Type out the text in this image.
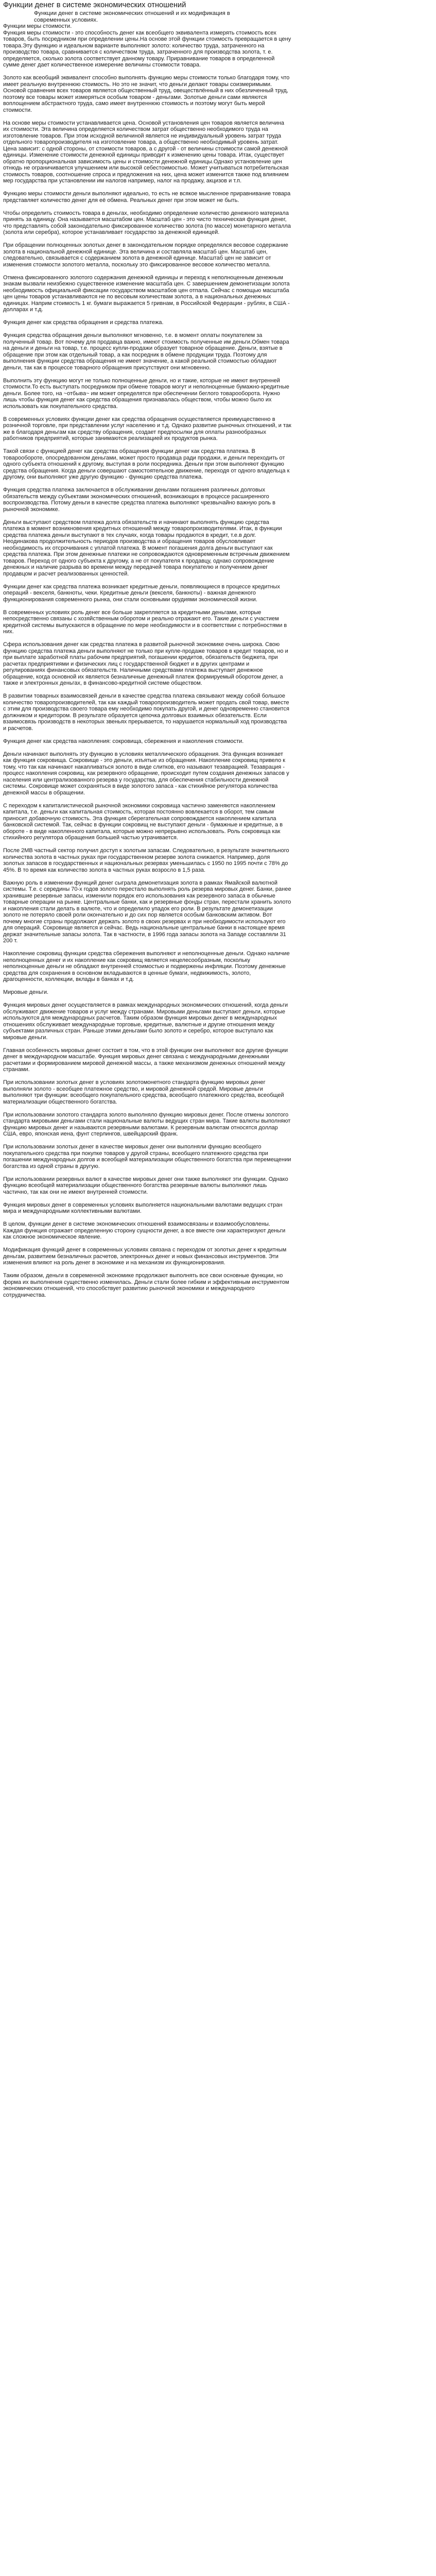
Функции денег в системе экономических отношений
Функции денег в системе экономических отношений и их модификация в современных условиях.

Функции меры стоимости.

Функция меры стоимости - это способность денег как всеобщего эквивалента измерять стоимость всех товаров, быть посредником при определении цены.На основе этой функции стоимость превращается в цену товара.Эту функцию и идеальном варианте выполняют золото: количество труда, затраченного на производство товара, сравнивается с количеством труда, затраченного для производства золота, т. е. определяется, сколько золота соответствует данному товару. Приравнивание товаров в определенной сумме денег дает количественное измерение величины стоимости товара.

Золото как всеобщий эквивалент способно выполнять функцию меры стоимости только благодаря тому, что имеет реальную внутреннюю стоимость. Но это не значит, что деньги делают товары соизмеримыми. Основой сравнения всех товаров является общественный труд, овеществлённый в них обезличенный труд, поэтому все товары может измеряться особым товаром - деньгами. Золотые деньги сами являются воплощением абстрактного труда, само имеет внутреннюю стоимость и поэтому могут быть мерой стоимости.

На основе меры стоимости устанавливается цена. Основой установления цен товаров является величина их стоимости. Эта величина определяется количеством затрат общественно необходимого труда на изготовление товаров. При этом исходной величиной является не индивидуальный уровень затрат труда отдельного товаропроизводителя на изготовление товара, а общественно необходимый уровень затрат. Цена зависит: с одной стороны, от стоимости товаров, а с другой - от величины стоимости самой денежной единицы. Изменение стоимости денежной единицы приводит к изменению цены товара. Итак, существует обратно пропорциональная зависимость цены и стоимости денежной единицы.Однако установление цен отнюдь не ограничивается улучшением или высокой себестоимостью. Может учитываться потребительская стоимость товаров, соотношение спроса и предложения на них, цена может изменится также под влиянием мер государства при установлении им налогов например, налог на продажу, акцизов и т.п.

Функцию меры стоимости деньги выполняют идеально, то есть не всякое мысленное приравнивание товара представляет количество денег для её обмена. Реальных денег при этом может не быть.

Чтобы определить стоимость товара в деньгах, необходимо определение количество денежного материала принять за единицу. Она называется масштабом цен. Масштаб цен - это чисто техническая функция денег, что представлять собой законодательно фиксированное количество золота (по массе) монетарного металла (золота или серебра), которое устанавливает государство за денежной единицей.

При обращении полноценных золотых денег в законодательном порядке определялся весовое содержание золота в национальной денежной единице. Эта величина и составляла масштаб цен. Масштаб цен, следовательно, связывается с содержанием золота в денежной единице. Масштаб цен не зависит от изменения стоимости золотого металла, поскольку это фиксированное весовое количество металла.

Отмена фиксированного золотого содержания денежной единицы и переход к неполноценным денежным знакам вызвали неизбежно существенное изменение масштаба цен. С завершением демонетизации золота необходимость официальной фиксации государством масштабов цен отпала. Сейчас с помощью масштаба цен цены товаров устанавливаются не по весовым количествам золота, а в национальных денежных единицах. Нaприм стоимость 1 кг. бумаги выражается 5 гривнам, в Российской Федерации - рублях, в США - долларах и т.д.

Функция денег как средства обращения и средства платежа.

Функция средства обращения деньги выполняют мгновенно, т.е. в момент оплаты покупателем за полученный товар. Вот почему для продавца важно, имеют стоимость полученные им деньги.Обмен товара на деньги и деньги на товар, т.е. процесс купли-продажи образует товарное обращение. Деньги, взятые в обращение при этом как отдельный товар, а как посредник в обмене продукции труда. Поэтому для выполнения функции средства обращения не имеет значение, а какой реальной стоимостью обладают деньги, так как в процессе товарного обращения присутствуют они мгновенно.

Выполнить эту функцию могут не только полноценные деньги, но и такие, которые не имеют внутренней стоимости.То есть выступать посредником при обмене товаров могут и неполноценные бумажно-кредитные деньги. Более того, на ~отбыва~ им может определятся при обеспечении беглого товарооборота. Нужно лишь чтобы функция денег как средства обращения признавалась обществом, чтобы можно было их использовать как покупательного средства.

В современных условиях функции денег как средства обращения осуществляется преимущественно в розничной торговле, при представлении услуг населению и т.д. Однако развитие рыночных отношений, и так же в благодаря деньгам как средству обращения, создает предпосылки для оплаты разнообразных работников предприятий, которые занимаются реализацией их продуктов рынка.

Такой связи с функцией денег как средства обращения функции денег как средства платежа. В товарообороте, опосредованном деньгами, может просто продавца ради продажи, и деньги переходить от одного субъекта отношений к другому, выступая в роли посредника. Деньги при этом выполняют функцию средства обращения. Когда деньги совершают самостоятельное движение, переходя от одного владельца к другому, они выполняют уже другую функцию - функцию средства платежа.

Функция средства платежа заключается в обслуживании деньгами погашения различных долговых обязательств между субъектами экономических отношений, возникающих в процессе расширенного воспроизводства. Потому деньги в качестве средства платежа выполняют чрезвычайно важную роль в рыночной экономике.

Деньги выступают средством платежа долга обязательств и начинают выполнять функцию средства платежа в момент возникновения кредитных отношений между товаропроизводителями. Итак, в функции средства платежа деньги выступают в тех случаях, когда товары продаются в кредит, т.е.в долг. Неодинакова продолжительность периодов производства и обращения товаров обусловливает необходимость их отсрочивания с уплатой платежа. В момент погашения долга деньги выступают как средства платежа. При этом денежные платежи не сопровождаются одновременным встречным движением товаров. Переход от одного субъекта к другому, а не от покупателя к продавцу, однако сопровождение денежных и наличие разрыва во времени между передачей товара покупателю и получением денег продавцом и расчет реализованных ценностей.

Функции денег как средства платежа возникает кредитные деньги, появляющиеся в процессе кредитных операций - векселя, банкноты, чеки. Кредитные деньги (векселя, банкноты) - важная денежного функционирования современного рынка, они стали основными орудиями экономической жизни.

В современных условиях роль денег все больше закрепляется за кредитными деньгами, которые непосредственно связаны с хозяйственным оборотом и реально отражают его. Такие деньги с участием кредитной системы выпускаются в обращение по мере необходимости и в соответствии с потребностями в них.

Сфера использования денег как средства платежа в развитой рыночной экономике очень широка. Свою функцию средства платежа деньги выполняют не только при купле-продаже товаров в кредит товаров, но и при выплате заработной платы рабочим предприятий, погашении кредитов, обязательств бюджета, при расчетах предприятиями и физических лиц с государственной бюджет и в других центрами и регулированиях финансовых обязательств. Наличными средствами платежа выступает денежное обращение, когда основной их является безналичные денежный платеж формируемый оборотом денег, а также и электронных деньгах, в финансово-кредитной системе обществом.

В развитии товарных взаимосвязей деньги в качестве средства платежа связывают между собой большое количество товаропроизводителей, так как каждый товаропроизводитель может продать свой товар, вместе с этим для производства своего товара ему необходимо покупать другой, и денег одновременно становится должником и кредитором. В результате образуется цепочка долговых взаимных обязательств. Если взаимосвязь производств в некоторых звеньях прерывается, то нарушается нормальный ход производства и расчетов.

Функция денег как средства накопления: сокровища, сбережения и накопления стоимости.

Деньги начинают выполнять эту функцию в условиях металлического обращения. Эта функция возникает как функция сокровища. Сокровище - это деньги, изъятые из обращения. Накопление сокровищ привело к тому, что так как начинают накапливаться золото в виде слитков, его называют тезаврацией. Тезаврация - процесс накопления сокровищ, как резервного обращение, происходит путем создания денежных запасов у населения или централизованного резерва у государства, для обеспечения стабильности денежной системы. Сокровище может сохраняться в виде золотого запаса - как стихийное регулятора количества денежной массы в обращении.

С переходом к капиталистической рыночной экономики сокровища частично заменяются накоплением капитала, т.е. деньги как капитальная стоимость, которая постоянно вовлекается в оборот, тем самым приносит добавочную стоимость. Эта функция сберегательная сопровождается накоплением капитала банковской системой. Так, сейчас в функции сокровищ не выступают деньги - бумажные и кредитные, а в обороте - в виде накопленного капитала, которые можно непрерывно использовать. Роль сокровища как стихийного регулятора обращения большей частью утрачивается.

После 2МВ частный сектор получил доступ к золотым запасам. Следовательно, в результате значительного количества золота в частных руках при государственном резерве золота снижается. Например, доля золотых запасов в государственных и национальных резервах уменьшилась с 1950 по 1995 почти с 78% до 45%. В то время как количество золота в частных руках возросло в 1,5 раза.

Важную роль в изменении функций денег сыграла демонетизация золота в рамках Ямайской валютной системы. Т.е. с середины 70-х годов золото перестало выполнять роль резерва мировых денег. Банки, ранее хранившие резервные запасы, изменили порядок его использования как резервного запаса в обычные товарные операции на рынке. Центральные банки, как и резервные фонды стран, перестали хранить золото и накопления стали делать в валюте, что и определило упадок его роли. В результате демонетизации золото не потеряло своей роли окончательно и до сих пор является особым банковским активом. Вот почему многие страны продолжают держать золото в своих резервах и при необходимости используют его для операций. Сокровище является и сейчас. Ведь национальные центральные банки в настоящее время держат значительные запасы золота. Так в частности, в 1996 года запасы золота на Западе составляли 31 200 т.

Накопление сокровищ функции средства сбережения выполняют и неполноценные деньги. Однако наличие неполноценных денег и их накопление как сокровищ является нецелесообразным, поскольку неполноценные деньги не обладают внутренней стоимостью и подвержены инфляции. Поэтому денежные средства для сохранения в основном вкладываются в ценные бумаги, недвижимость, золото, драгоценности, коллекции, вклады в банках и т.д.

Мировые деньги.

Функция мировых денег осуществляется в рамках международных экономических отношений, когда деньги обслуживают движение товаров и услуг между странами. Мировыми деньгами выступают деньги, которые используются для международных расчетов. Таким образом функция мировых денег в международных отношениях обслуживает международные торговые, кредитные, валютные и другие отношения между субъектами различных стран. Раньше этими деньгами было золото и серебро, которое выступало как мировые деньги.

Главная особенность мировых денег состоит в том, что в этой функции они выполняют все другие функции денег в международном масштабе. Функция мировых денег связана с международными денежными расчетами и формированием мировой денежной массы, а также механизмом денежных отношений между странами.

При использовании золотых денег в условиях золотомонетного стандарта функцию мировых денег выполняли золото - всеобщее платежное средство, и мировой денежной средой. Мировые деньги выполняют три функции: всеобщего покупательного средства, всеобщего платежного средства, всеобщей материализации общественного богатства.

При использовании золотого стандарта золото выполняло функцию мировых денег. После отмены золотого стандарта мировыми деньгами стали национальные валюты ведущих стран мира. Такие валюты выполняют функцию мировых денег и называются резервными валютами. К резервным валютам относятся доллар США, евро, японская иена, фунт стерлингов, швейцарский франк.

При использовании золотых денег в качестве мировых денег они выполняли функцию всеобщего покупательного средства при покупке товаров у другой страны, всеобщего платежного средства при погашении международных долгов и всеобщей материализации общественного богатства при перемещении богатства из одной страны в другую.

При использовании резервных валют в качестве мировых денег они также выполняют эти функции. Однако функцию всеобщей материализации общественного богатства резервные валюты выполняют лишь частично, так как они не имеют внутренней стоимости.

Функция мировых денег в современных условиях выполняется национальными валютами ведущих стран мира и международными коллективными валютами.

В целом, функции денег в системе экономических отношений взаимосвязаны и взаимообусловлены. Каждая функция отражает определенную сторону сущности денег, а все вместе они характеризуют деньги как сложное экономическое явление.

Модификация функций денег в современных условиях связана с переходом от золотых денег к кредитным деньгам, развитием безналичных расчетов, электронных денег и новых финансовых инструментов. Эти изменения влияют на роль денег в экономике и на механизм их функционирования.

Таким образом, деньги в современной экономике продолжают выполнять все свои основные функции, но форма их выполнения существенно изменилась. Деньги стали более гибким и эффективным инструментом экономических отношений, что способствует развитию рыночной экономики и международного сотрудничества.
